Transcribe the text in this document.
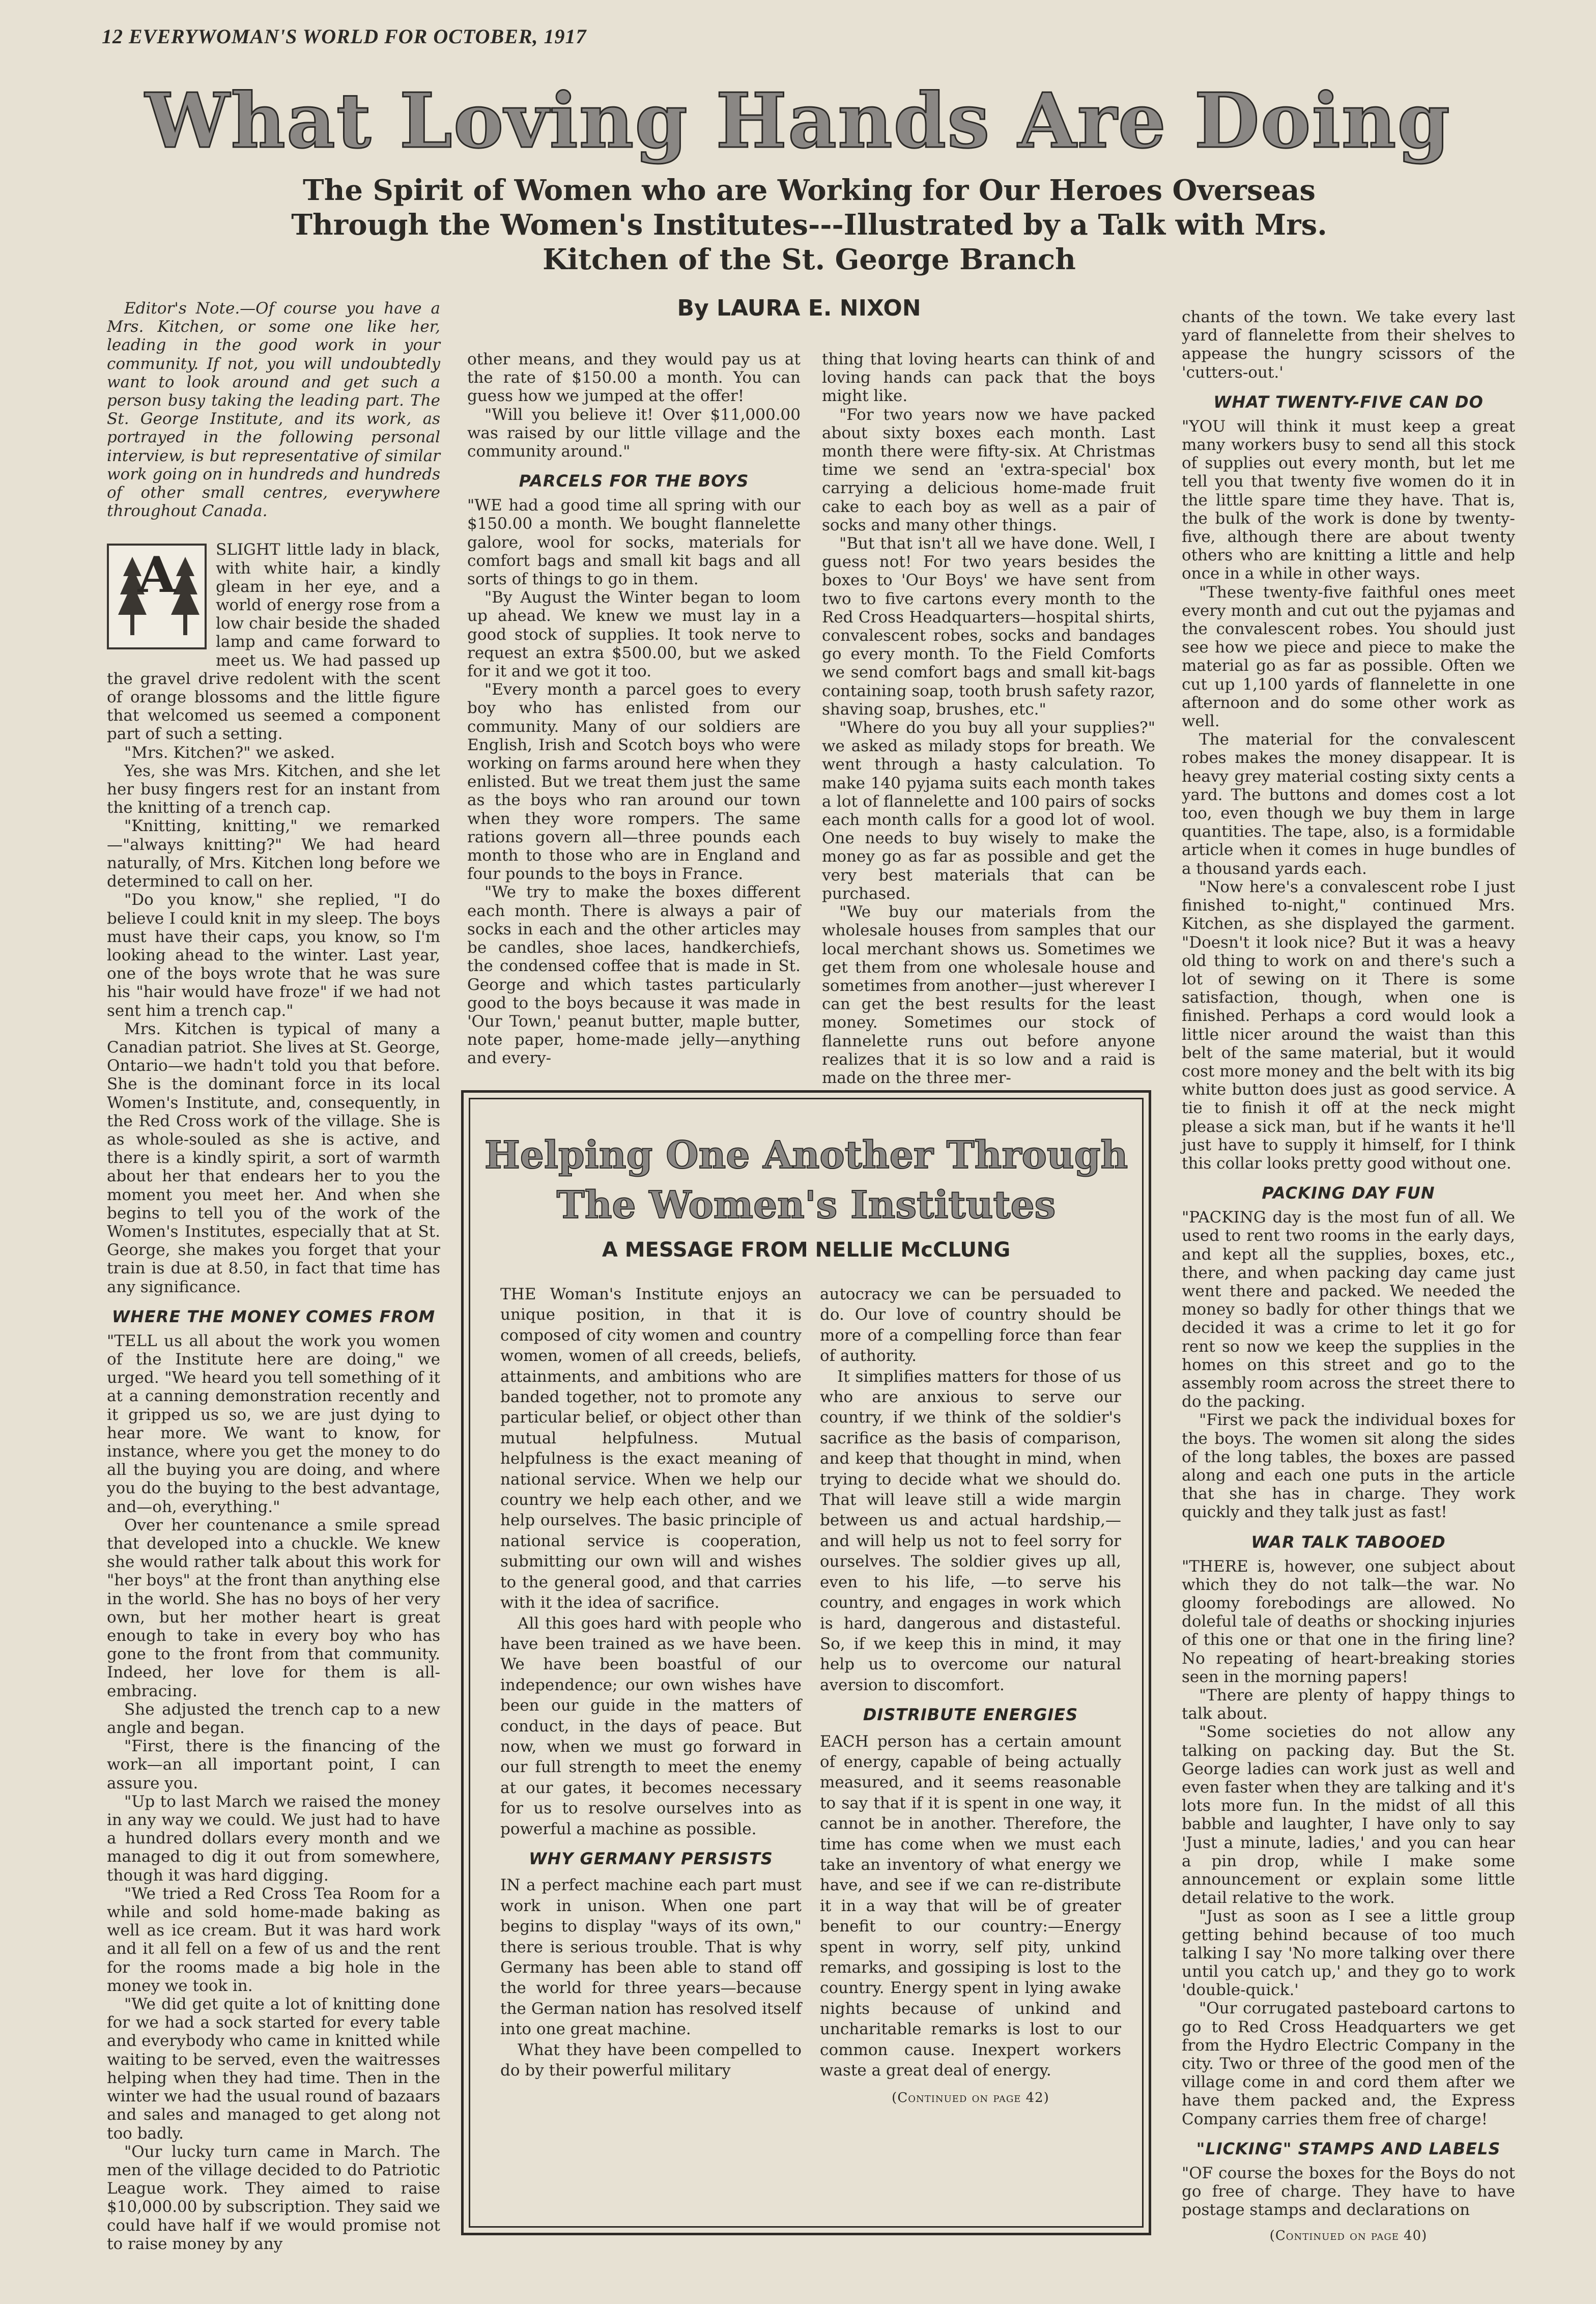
12 EVERYWOMAN'S WORLD FOR OCTOBER, 1917
What Loving Hands Are Doing
The Spirit of Women who are Working for Our Heroes Overseas Through the Women's Institutes---Illustrated by a Talk with Mrs. Kitchen of the St. George Branch
By LAURA E. NIXON

Editor's Note.—Of course you have a Mrs. Kitchen, or some one like her, leading in the good work in your community. If not, you will undoubtedly want to look around and get such a person busy taking the leading part. The St. George Institute, and its work, as portrayed in the following personal interview, is but representative of similar work going on in hundreds and hundreds of other small centres, everywhere throughout Canada.

A	SLIGHT little lady in black, with white hair, a kindly gleam in her eye, and a world of energy rose from a low chair beside the shaded lamp and came forward to meet us. We had passed up the gravel drive redolent with the scent of orange blossoms and the little figure that welcomed us seemed a component part of such a setting.

"Mrs. Kitchen?" we asked.

Yes, she was Mrs. Kitchen, and she let her busy fingers rest for an instant from the knitting of a trench cap.

"Knitting, knitting," we remarked—"always knitting?" We had heard naturally, of Mrs. Kitchen long before we determined to call on her.

"Do you know," she replied, "I do believe I could knit in my sleep. The boys must have their caps, you know, so I'm looking ahead to the winter. Last year, one of the boys wrote that he was sure his "hair would have froze" if we had not sent him a trench cap."

Mrs. Kitchen is typical of many a Canadian patriot. She lives at St. George, Ontario—we hadn't told you that before. She is the dominant force in its local Women's Institute, and, consequently, in the Red Cross work of the village. She is as whole-souled as she is active, and there is a kindly spirit, a sort of warmth about her that endears her to you the moment you meet her. And when she begins to tell you of the work of the Women's Institutes, especially that at St. George, she makes you forget that your train is due at 8.50, in fact that time has any significance.

WHERE THE MONEY COMES FROM

"TELL us all about the work you women of the Institute here are doing," we urged. "We heard you tell something of it at a canning demonstration recently and it gripped us so, we are just dying to hear more. We want to know, for instance, where you get the money to do all the buying you are doing, and where you do the buying to the best advantage, and—oh, everything."

Over her countenance a smile spread that developed into a chuckle. We knew she would rather talk about this work for "her boys" at the front than anything else in the world. She has no boys of her very own, but her mother heart is great enough to take in every boy who has gone to the front from that community. Indeed, her love for them is all-embracing.

She adjusted the trench cap to a new angle and began.

"First, there is the financing of the work—an all important point, I can assure you.

"Up to last March we raised the money in any way we could. We just had to have a hundred dollars every month and we managed to dig it out from somewhere, though it was hard digging.

"We tried a Red Cross Tea Room for a while and sold home-made baking as well as ice cream. But it was hard work and it all fell on a few of us and the rent for the rooms made a big hole in the money we took in.

"We did get quite a lot of knitting done for we had a sock started for every table and everybody who came in knitted while waiting to be served, even the waitresses helping when they had time. Then in the winter we had the usual round of bazaars and sales and managed to get along not too badly.

"Our lucky turn came in March. The men of the village decided to do Patriotic League work. They aimed to raise $10,000.00 by subscription. They said we could have half if we would promise not to raise money by any

other means, and they would pay us at the rate of $150.00 a month. You can guess how we jumped at the offer!

"Will you believe it! Over $11,000.00 was raised by our little village and the community around."

PARCELS FOR THE BOYS

"WE had a good time all spring with our $150.00 a month. We bought flannelette galore, wool for socks, materials for comfort bags and small kit bags and all sorts of things to go in them.

"By August the Winter began to loom up ahead. We knew we must lay in a good stock of supplies. It took nerve to request an extra $500.00, but we asked for it and we got it too.

"Every month a parcel goes to every boy who has enlisted from our community. Many of our soldiers are English, Irish and Scotch boys who were working on farms around here when they enlisted. But we treat them just the same as the boys who ran around our town when they wore rompers. The same rations govern all—three pounds each month to those who are in England and four pounds to the boys in France.

"We try to make the boxes different each month. There is always a pair of socks in each and the other articles may be candles, shoe laces, handkerchiefs, the condensed coffee that is made in St. George and which tastes particularly good to the boys because it was made in 'Our Town,' peanut butter, maple butter, note paper, home-made jelly—anything and every-

thing that loving hearts can think of and loving hands can pack that the boys might like.

"For two years now we have packed about sixty boxes each month. Last month there were fifty-six. At Christmas time we send an 'extra-special' box carrying a delicious home-made fruit cake to each boy as well as a pair of socks and many other things.

"But that isn't all we have done. Well, I guess not! For two years besides the boxes to 'Our Boys' we have sent from two to five cartons every month to the Red Cross Headquarters—hospital shirts, convalescent robes, socks and bandages go every month. To the Field Comforts we send comfort bags and small kit-bags containing soap, tooth brush safety razor, shaving soap, brushes, etc."

"Where do you buy all your supplies?" we asked as milady stops for breath. We went through a hasty calculation. To make 140 pyjama suits each month takes a lot of flannelette and 100 pairs of socks each month calls for a good lot of wool. One needs to buy wisely to make the money go as far as possible and get the very best materials that can be purchased.

"We buy our materials from the wholesale houses from samples that our local merchant shows us. Sometimes we get them from one wholesale house and sometimes from another—just wherever I can get the best results for the least money. Sometimes our stock of flannelette runs out before anyone realizes that it is so low and a raid is made on the three mer-

chants of the town. We take every last yard of flannelette from their shelves to appease the hungry scissors of the 'cutters-out.'

WHAT TWENTY-FIVE CAN DO

"YOU will think it must keep a great many workers busy to send all this stock of supplies out every month, but let me tell you that twenty five women do it in the little spare time they have. That is, the bulk of the work is done by twenty-five, although there are about twenty others who are knitting a little and help once in a while in other ways.

"These twenty-five faithful ones meet every month and cut out the pyjamas and the convalescent robes. You should just see how we piece and piece to make the material go as far as possible. Often we cut up 1,100 yards of flannelette in one afternoon and do some other work as well.

The material for the convalescent robes makes the money disappear. It is heavy grey material costing sixty cents a yard. The buttons and domes cost a lot too, even though we buy them in large quantities. The tape, also, is a formidable article when it comes in huge bundles of a thousand yards each.

"Now here's a convalescent robe I just finished to-night," continued Mrs. Kitchen, as she displayed the garment. "Doesn't it look nice? But it was a heavy old thing to work on and there's such a lot of sewing on it There is some satisfaction, though, when one is finished. Perhaps a cord would look a little nicer around the waist than this belt of the same material, but it would cost more money and the belt with its big white button does just as good service. A tie to finish it off at the neck might please a sick man, but if he wants it he'll just have to supply it himself, for I think this collar looks pretty good without one.

PACKING DAY FUN

"PACKING day is the most fun of all. We used to rent two rooms in the early days, and kept all the supplies, boxes, etc., there, and when packing day came just went there and packed. We needed the money so badly for other things that we decided it was a crime to let it go for rent so now we keep the supplies in the homes on this street and go to the assembly room across the street there to do the packing.

"First we pack the individual boxes for the boys. The women sit along the sides of the long tables, the boxes are passed along and each one puts in the article that she has in charge. They work quickly and they talk just as fast!

WAR TALK TABOOED

"THERE is, however, one subject about which they do not talk—the war. No gloomy forebodings are allowed. No doleful tale of deaths or shocking injuries of this one or that one in the firing line? No repeating of heart-breaking stories seen in the morning papers!

"There are plenty of happy things to talk about.

"Some societies do not allow any talking on packing day. But the St. George ladies can work just as well and even faster when they are talking and it's lots more fun. In the midst of all this babble and laughter, I have only to say 'Just a minute, ladies,' and you can hear a pin drop, while I make some announcement or explain some little detail relative to the work.

"Just as soon as I see a little group getting behind because of too much talking I say 'No more talking over there until you catch up,' and they go to work 'double-quick.'

"Our corrugated pasteboard cartons to go to Red Cross Headquarters we get from the Hydro Electric Company in the city. Two or three of the good men of the village come in and cord them after we have them packed and, the Express Company carries them free of charge!

"LICKING" STAMPS AND LABELS

"OF course the boxes for the Boys do not go free of charge. They have to have postage stamps and declarations on

(Continued on page 40)

Helping One Another Through
The Women's Institutes
A MESSAGE FROM NELLIE McCLUNG

THE Woman's Institute enjoys an unique position, in that it is composed of city women and country women, women of all creeds, beliefs, attainments, and ambitions who are banded together, not to promote any particular belief, or object other than mutual helpfulness. Mutual helpfulness is the exact meaning of national service. When we help our country we help each other, and we help ourselves. The basic principle of national service is cooperation, submitting our own will and wishes to the general good, and that carries with it the idea of sacrifice.

All this goes hard with people who have been trained as we have been. We have been boastful of our independence; our own wishes have been our guide in the matters of conduct, in the days of peace. But now, when we must go forward in our full strength to meet the enemy at our gates, it becomes necessary for us to resolve ourselves into as powerful a machine as possible.

WHY GERMANY PERSISTS

IN a perfect machine each part must work in unison. When one part begins to display "ways of its own," there is serious trouble. That is why Germany has been able to stand off the world for three years—because the German nation has resolved itself into one great machine.

What they have been compelled to do by their powerful military

autocracy we can be persuaded to do. Our love of country should be more of a compelling force than fear of authority.

It simplifies matters for those of us who are anxious to serve our country, if we think of the soldier's sacrifice as the basis of comparison, and keep that thought in mind, when trying to decide what we should do. That will leave still a wide margin between us and actual hardship,—and will help us not to feel sorry for ourselves. The soldier gives up all, even to his life, —to serve his country, and engages in work which is hard, dangerous and distasteful. So, if we keep this in mind, it may help us to overcome our natural aversion to discomfort.

DISTRIBUTE ENERGIES

EACH person has a certain amount of energy, capable of being actually measured, and it seems reasonable to say that if it is spent in one way, it cannot be in another. Therefore, the time has come when we must each take an inventory of what energy we have, and see if we can re-distribute it in a way that will be of greater benefit to our country:—Energy spent in worry, self pity, unkind remarks, and gossiping is lost to the country. Energy spent in lying awake nights because of unkind and uncharitable remarks is lost to our common cause. Inexpert workers waste a great deal of energy.

(Continued on page 42)
